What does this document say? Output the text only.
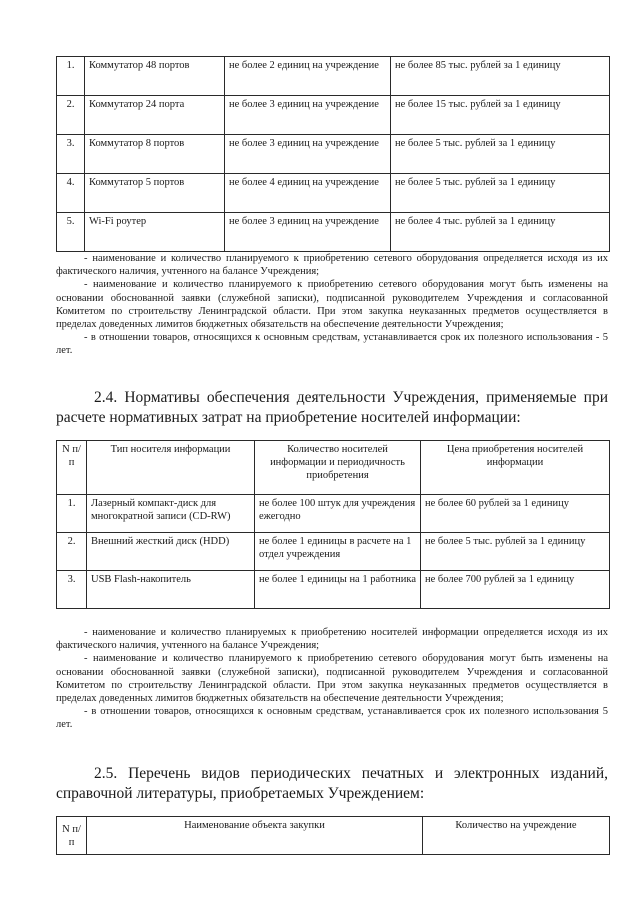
1.	Коммутатор 48 портов	не более 2 единиц на учреждение	не более 85 тыс. рублей за 1 единицу
2.	Коммутатор 24 порта	не более 3 единиц на учреждение	не более 15 тыс. рублей за 1 единицу
3.	Коммутатор 8 портов	не более 3 единиц на учреждение	не более 5 тыс. рублей за 1 единицу
4.	Коммутатор 5 портов	не более 4 единиц на учреждение	не более 5 тыс. рублей за 1 единицу
5.	Wi-Fi роутер	не более 3 единиц на учреждение	не более 4 тыс. рублей за 1 единицу

- наименование и количество планируемого к приобретению сетевого оборудования определяется исходя из их фактического наличия, учтенного на балансе Учреждения;

- наименование и количество планируемого к приобретению сетевого оборудования могут быть изменены на основании обоснованной заявки (служебной записки), подписанной руководителем Учреждения и согласованной Комитетом по строительству Ленинградской области. При этом закупка неуказанных предметов осуществляется в пределах доведенных лимитов бюджетных обязательств на обеспечение деятельности Учреждения;

- в отношении товаров, относящихся к основным средствам, устанавливается срок их полезного использования - 5 лет.

2.4. Нормативы обеспечения деятельности Учреждения, применяемые при расчете нормативных затрат на приобретение носителей информации:

N п/п	Тип носителя информации	Количество носителей информации и периодичность приобретения	Цена приобретения носителей информации
1.	Лазерный компакт-диск для многократной записи (CD-RW)	не более 100 штук для учреждения ежегодно	не более 60 рублей за 1 единицу
2.	Внешний жесткий диск (HDD)	не более 1 единицы в расчете на 1 отдел учреждения	не более 5 тыс. рублей за 1 единицу
3.	USB Flash-накопитель	не более 1 единицы на 1 работника	не более 700 рублей за 1 единицу

- наименование и количество планируемых к приобретению носителей информации определяется исходя из их фактического наличия, учтенного на балансе Учреждения;

- наименование и количество планируемого к приобретению сетевого оборудования могут быть изменены на основании обоснованной заявки (служебной записки), подписанной руководителем Учреждения и согласованной Комитетом по строительству Ленинградской области. При этом закупка неуказанных предметов осуществляется в пределах доведенных лимитов бюджетных обязательств на обеспечение деятельности Учреждения;

- в отношении товаров, относящихся к основным средствам, устанавливается срок их полезного использования 5 лет.

2.5. Перечень видов периодических печатных и электронных изданий, справочной литературы, приобретаемых Учреждением:

N п/п	Наименование объекта закупки	Количество на учреждение
